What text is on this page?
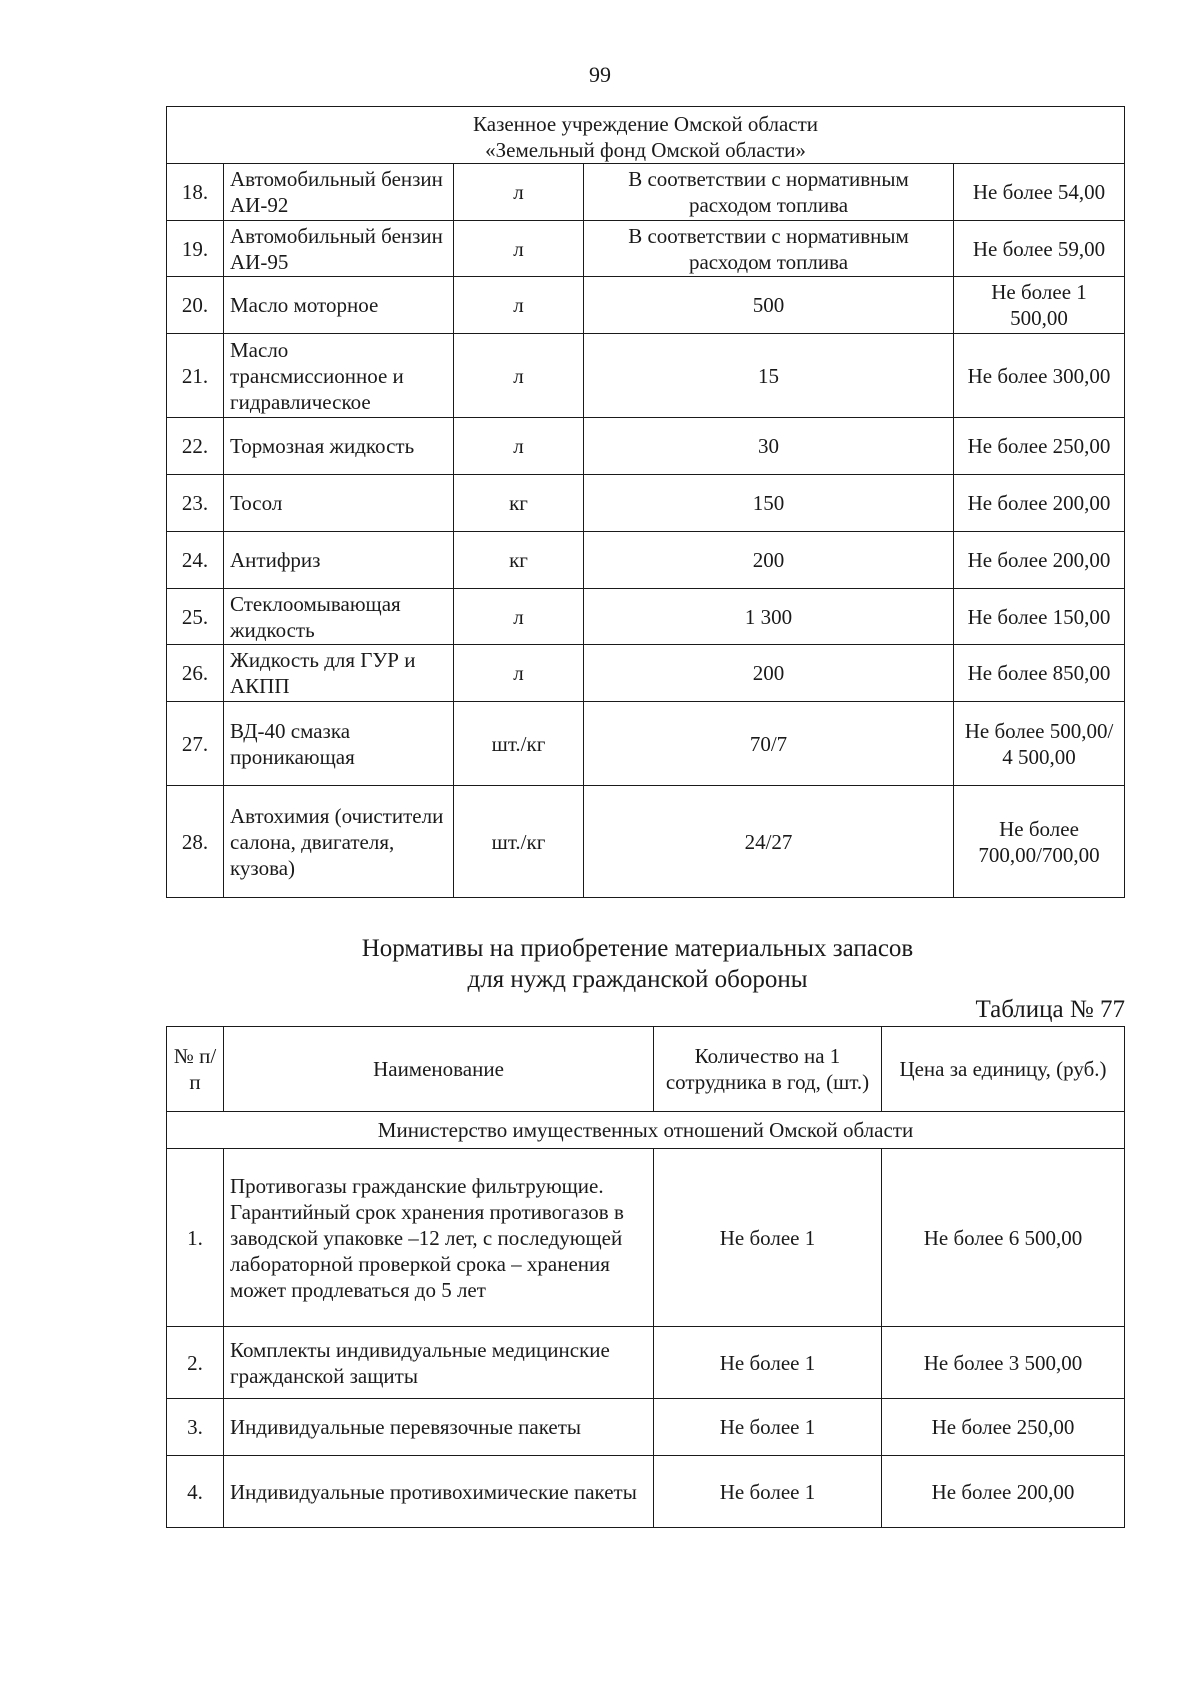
99
Казенное учреждение Омской области
«Земельный фонд Омской области»				

18.	Автомобильный бензин АИ-92	л	В соответствии с нормативным расходом топлива	Не более 54,00
19.	Автомобильный бензин АИ-95	л	В соответствии с нормативным расходом топлива	Не более 59,00
20.	Масло моторное	л	500	Не более 1 500,00
21.	Масло трансмиссионное и гидравлическое	л	15	Не более 300,00
22.	Тормозная жидкость	л	30	Не более 250,00
23.	Тосол	кг	150	Не более 200,00
24.	Антифриз	кг	200	Не более 200,00
25.	Стеклоомывающая жидкость	л	1 300	Не более 150,00
26.	Жидкость для ГУР и АКПП	л	200	Не более 850,00
27.	ВД-40 смазка проникающая	шт./кг	70/7	Не более 500,00/ 4 500,00
28.	Автохимия (очистители салона, двигателя, кузова)	шт./кг	24/27	Не более 700,00/700,00
Нормативы на приобретение материальных запасов
для нужд гражданской обороны
Таблица № 77
№ п/п	Наименование	Количество на 1 сотрудника в год, (шт.)	Цена за единицу, (руб.)
Министерство имущественных отношений Омской области			
1.	Противогазы гражданские фильтрующие. Гарантийный срок хранения противогазов в заводской упаковке –12 лет, с последующей лабораторной проверкой срока – хранения может продлеваться до 5 лет	Не более 1	Не более 6 500,00
2.	Комплекты индивидуальные медицинские гражданской защиты	Не более 1	Не более 3 500,00
3.	Индивидуальные перевязочные пакеты	Не более 1	Не более 250,00
4.	Индивидуальные противохимические пакеты	Не более 1	Не более 200,00
